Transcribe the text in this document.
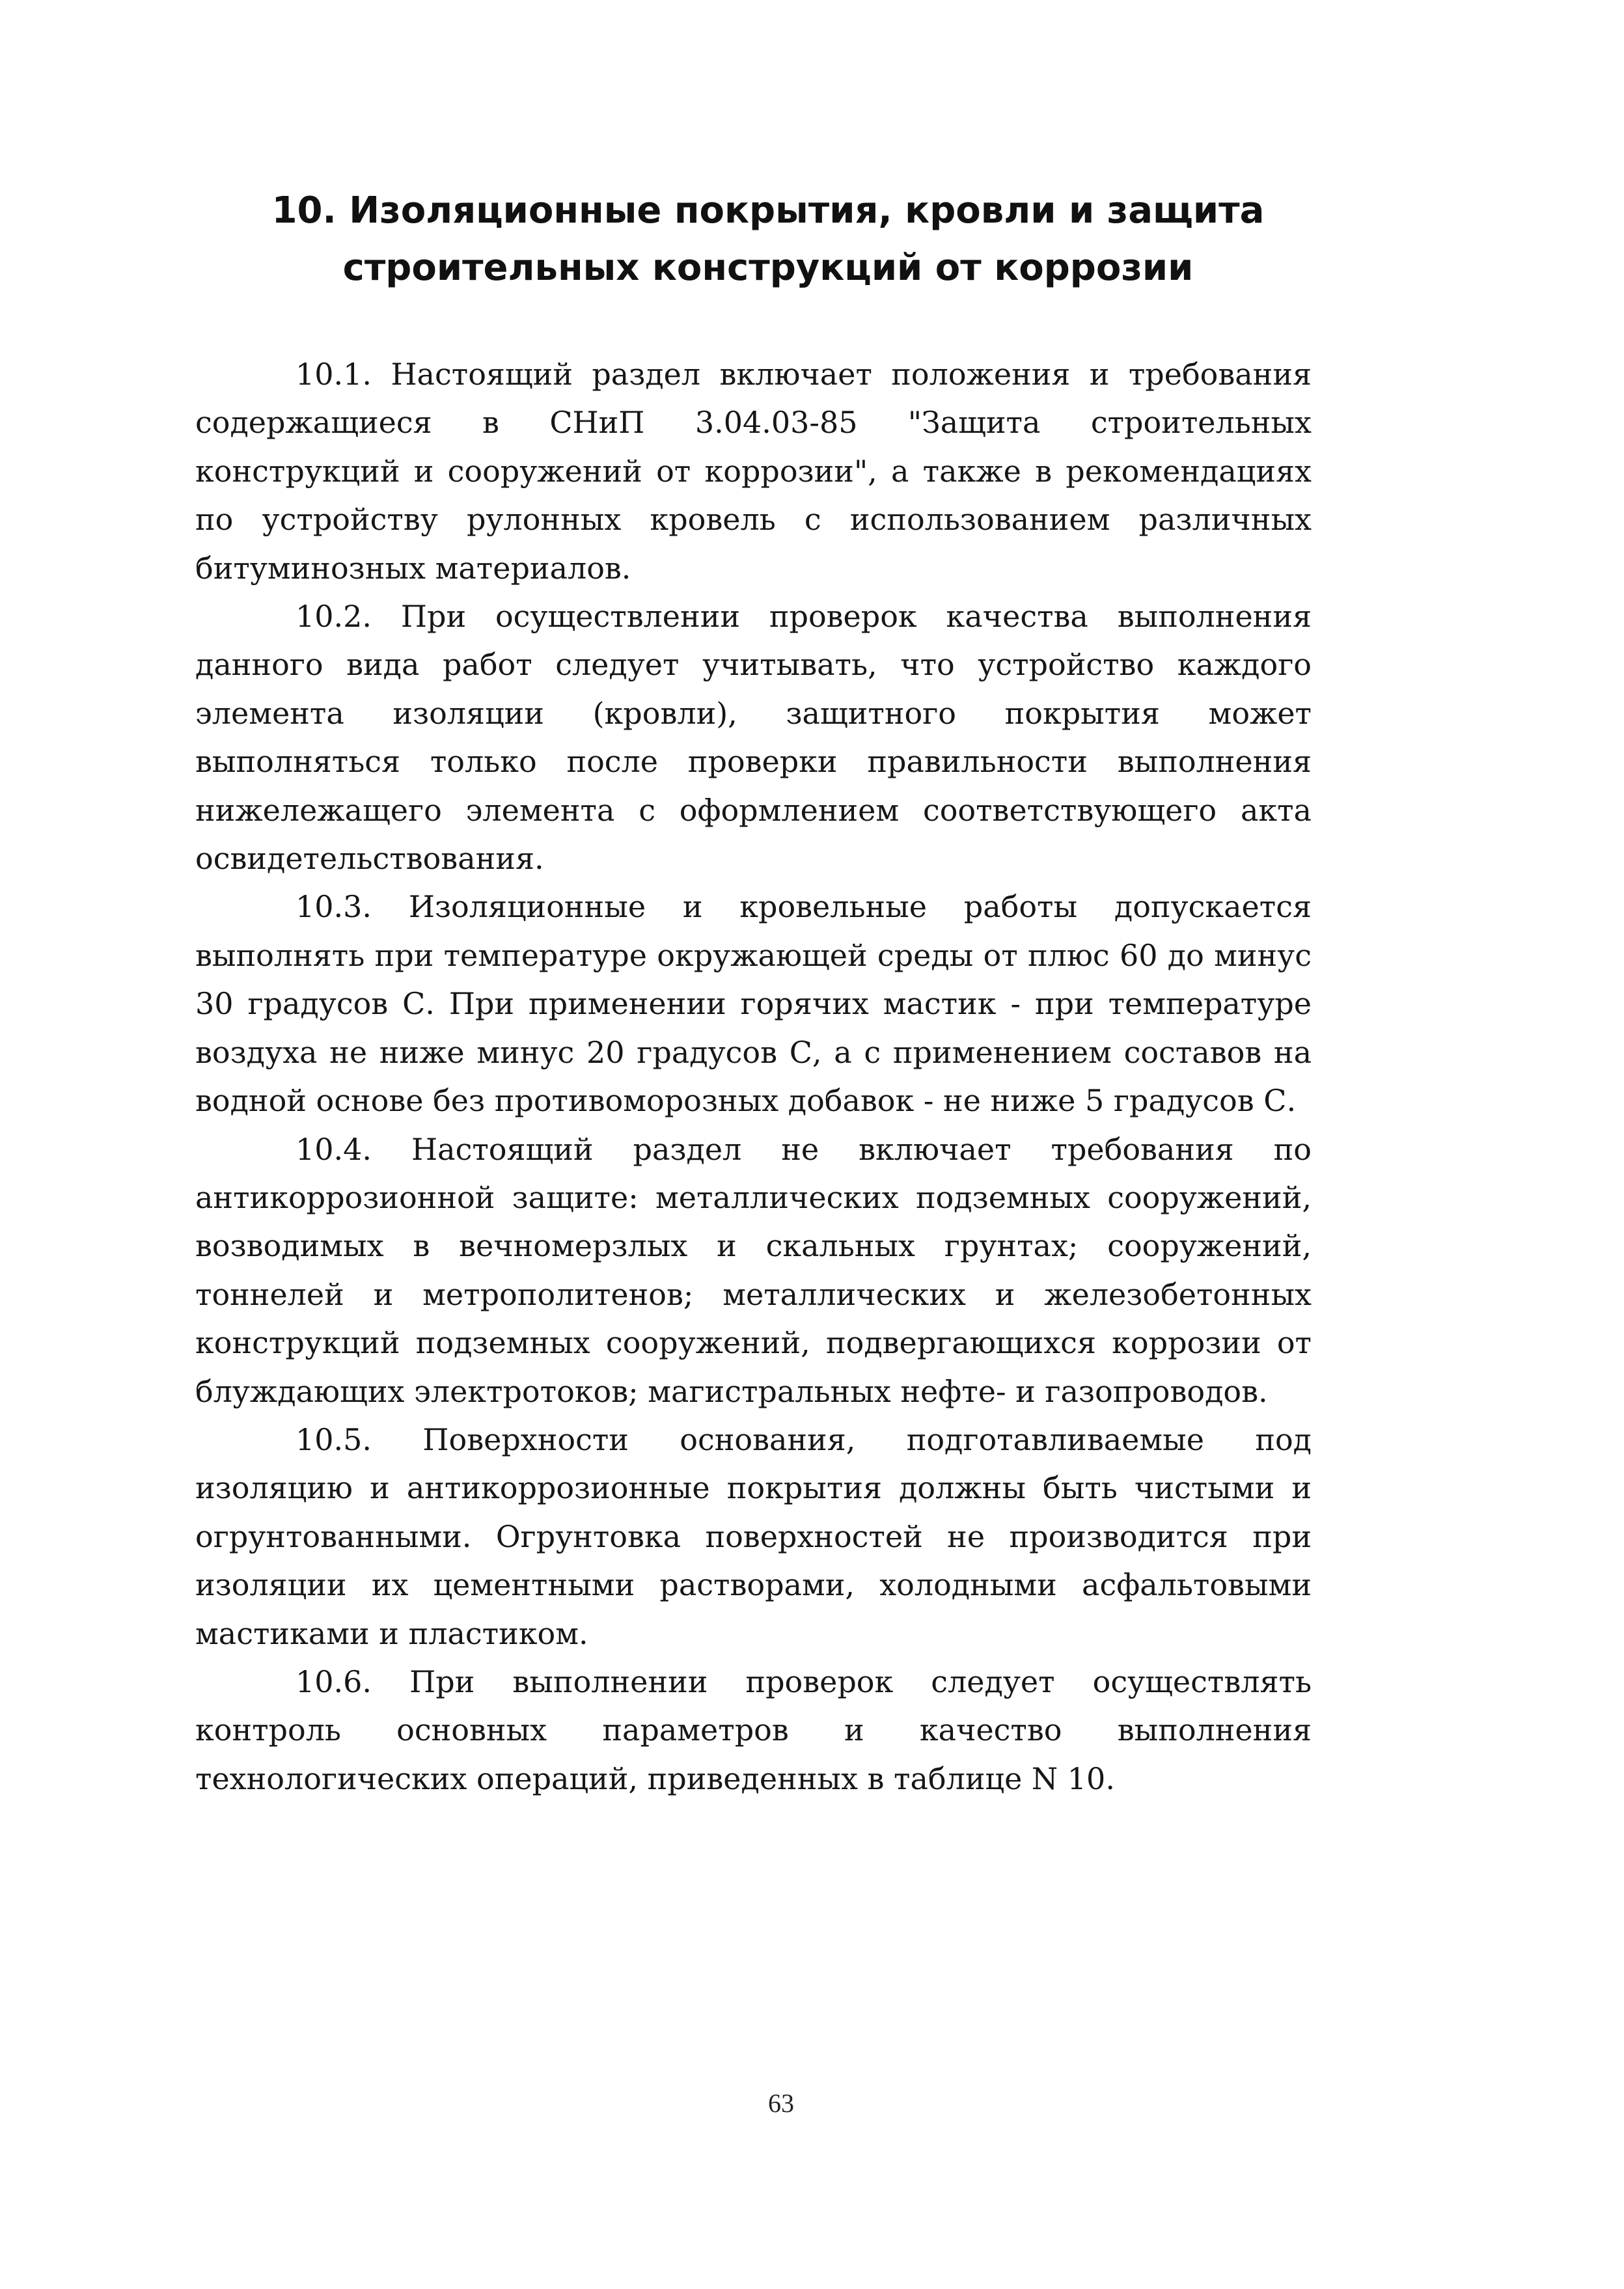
10. Изоляционные покрытия, кровли и защита
строительных конструкций от коррозии

10.1. Настоящий раздел включает положения и требования содержащиеся в СНиП 3.04.03-85 "Защита строительных конструкций и сооружений от коррозии", а также в рекомендациях по устройству рулонных кровель с использованием различных битуминозных материалов.

10.2. При осуществлении проверок качества выполнения данного вида работ следует учитывать, что устройство каждого элемента изоляции (кровли), защитного покрытия может выполняться только после проверки правильности выполнения нижележащего элемента с оформлением соответствующего акта освидетельствования.

10.3. Изоляционные и кровельные работы допускается выполнять при температуре окружающей среды от плюс 60 до минус 30 градусов С. При применении горячих мастик - при температуре воздуха не ниже минус 20 градусов С, а с применением составов на водной основе без противоморозных добавок - не ниже 5 градусов С.

10.4. Настоящий раздел не включает требования по антикоррозионной защите: металлических подземных сооружений, возводимых в вечномерзлых и скальных грунтах; сооружений, тоннелей и метрополитенов; металлических и железобетонных конструкций подземных сооружений, подвергающихся коррозии от блуждающих электротоков; магистральных нефте- и газопроводов.

10.5. Поверхности основания, подготавливаемые под изоляцию и антикоррозионные покрытия должны быть чистыми и огрунтованными. Огрунтовка поверхностей не производится при изоляции их цементными растворами, холодными асфальтовыми мастиками и пластиком.

10.6. При выполнении проверок следует осуществлять контроль основных параметров и качество выполнения технологических операций, приведенных в таблице N 10.

63
